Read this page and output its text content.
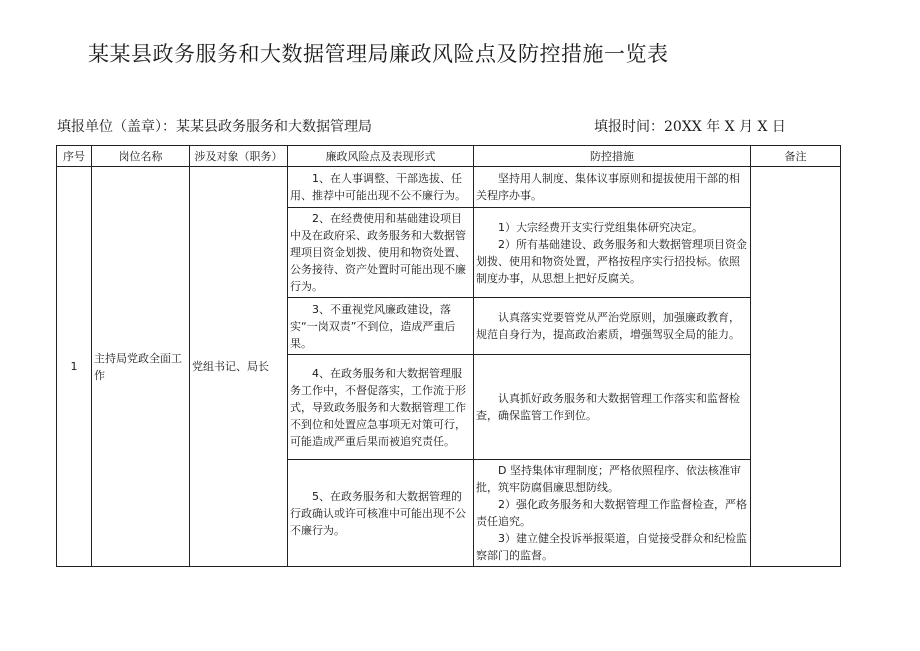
某某县政务服务和大数据管理局廉政风险点及防控措施一览表
填报单位（盖章）：某某县政务服务和大数据管理局	填报时间：20XX 年 X 月 X 日
序号	岗位名称	涉及对象（职务）	廉政风险点及表现形式	防控措施	备注
1	主持局党政全面工作	党组书记、局长	1、在人事调整、干部选拔、任用、推荐中可能出现不公不廉行为。	坚持用人制度、集体议事原则和提拔使用干部的相关程序办事。	
			2、在经费使用和基础建设项目中及在政府采、政务服务和大数据管理项目资金划拨、使用和物资处置、公务接待、资产处置时可能出现不廉行为。	1）大宗经费开支实行党组集体研究决定。

2）所有基础建设、政务服务和大数据管理项目资金划拨、使用和物资处置，严格按程序实行招投标。依照制度办事，从思想上把好反腐关。	

			3、不重视党风廉政建设，落实“一岗双责”不到位，造成严重后果。	认真落实党要管党从严治党原则，加强廉政教育，规范自身行为，提高政治素质，增强驾驭全局的能力。	
			4、在政务服务和大数据管理服务工作中，不督促落实，工作流于形式，导致政务服务和大数据管理工作不到位和处置应急事项无对策可行，可能造成严重后果而被追究责任。	认真抓好政务服务和大数据管理工作落实和监督检查，确保监管工作到位。	
			5、在政务服务和大数据管理的行政确认或许可核准中可能出现不公不廉行为。	D 坚持集体审理制度；严格依照程序、依法核准审批，筑牢防腐倡廉思想防线。

2）强化政务服务和大数据管理工作监督检查，严格责任追究。

3）建立健全投诉举报渠道，自觉接受群众和纪检监察部门的监督。	
